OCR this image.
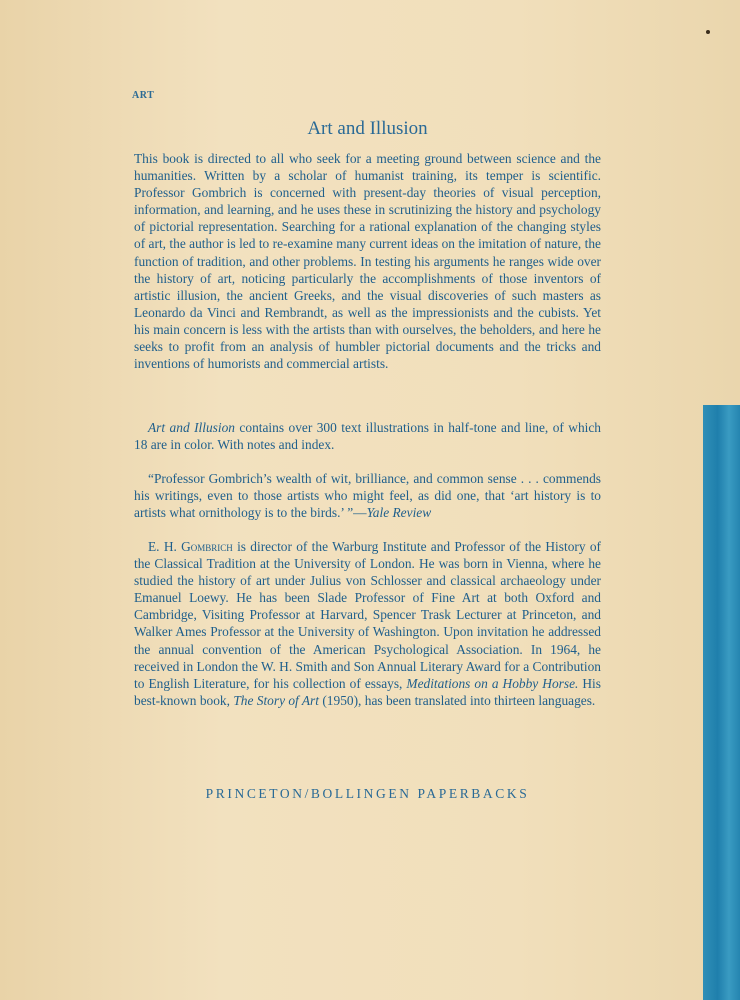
ART
Art and Illusion

This book is directed to all who seek for a meeting ground between science and the humanities. Written by a scholar of humanist training, its temper is scientific. Professor Gombrich is concerned with present-day theories of visual perception, information, and learning, and he uses these in scrutinizing the history and psychology of pictorial representation. Searching for a rational explanation of the changing styles of art, the author is led to re-examine many current ideas on the imitation of nature, the function of tradition, and other problems. In testing his arguments he ranges wide over the history of art, noticing particularly the accomplishments of those inventors of artistic illusion, the ancient Greeks, and the visual discoveries of such masters as Leonardo da Vinci and Rembrandt, as well as the impressionists and the cubists. Yet his main concern is less with the artists than with ourselves, the beholders, and here he seeks to profit from an analysis of humbler pictorial documents and the tricks and inventions of humorists and commercial artists.

Art and Illusion contains over 300 text illustrations in half-tone and line, of which 18 are in color. With notes and index.

“Professor Gombrich’s wealth of wit, brilliance, and common sense . . . commends his writings, even to those artists who might feel, as did one, that ‘art history is to artists what ornithology is to the birds.’ ”—Yale Review

E. H. Gombrich is director of the Warburg Institute and Professor of the History of the Classical Tradition at the University of London. He was born in Vienna, where he studied the history of art under Julius von Schlosser and classical archaeology under Emanuel Loewy. He has been Slade Professor of Fine Art at both Oxford and Cambridge, Visiting Professor at Harvard, Spencer Trask Lecturer at Princeton, and Walker Ames Professor at the University of Washington. Upon invitation he addressed the annual convention of the American Psychological Association. In 1964, he received in London the W. H. Smith and Son Annual Literary Award for a Contribution to English Literature, for his collection of essays, Meditations on a Hobby Horse. His best-known book, The Story of Art (1950), has been translated into thirteen languages.

PRINCETON/BOLLINGEN PAPERBACKS
